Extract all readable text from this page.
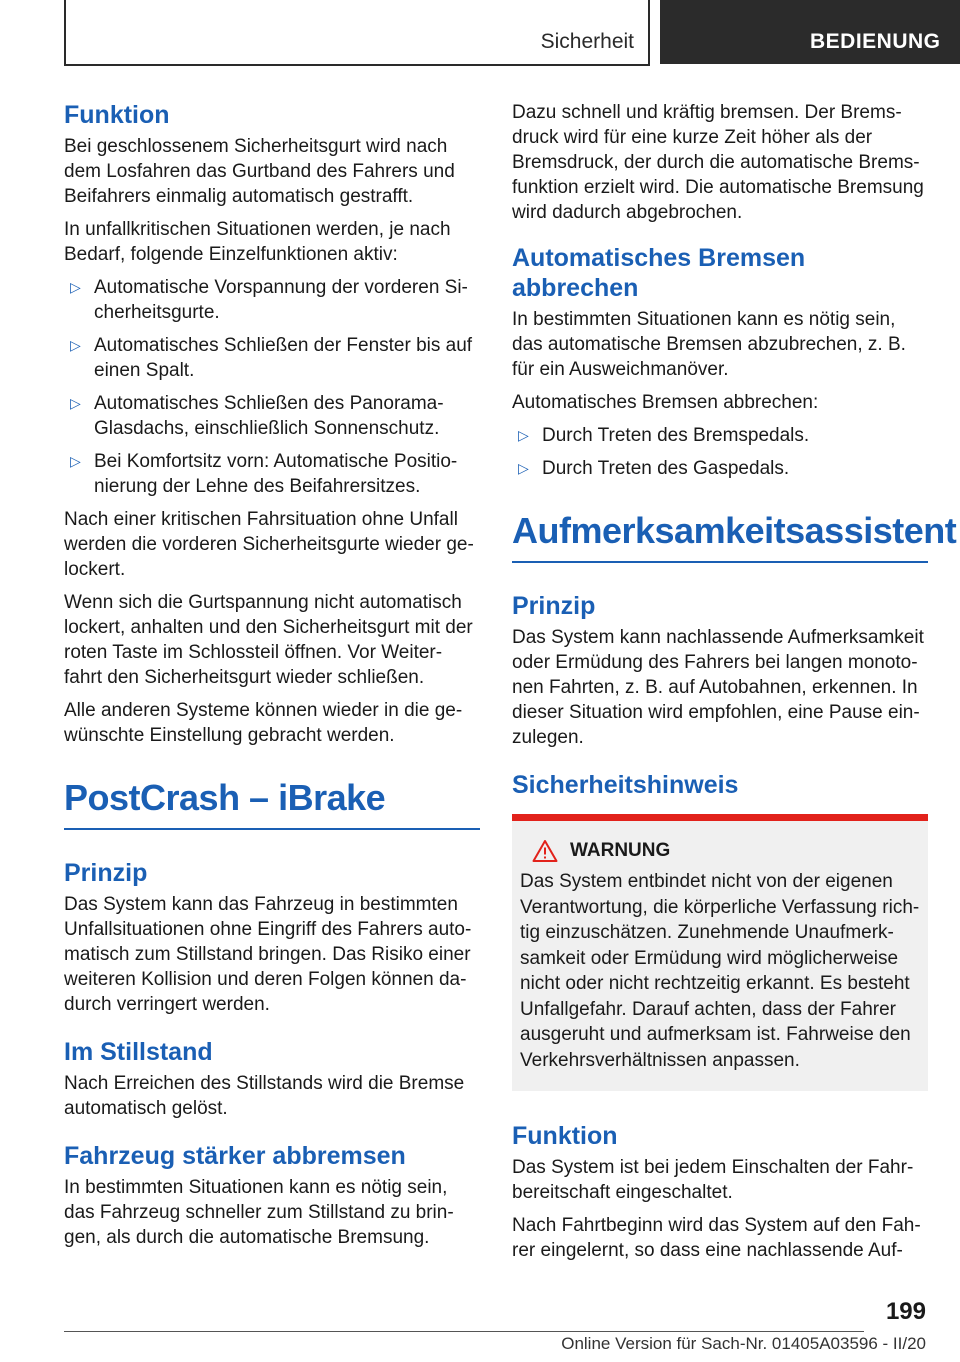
Sicherheit	BEDIENUNG
Funktion

Bei geschlossenem Sicherheitsgurt wird nach dem Losfahren das Gurtband des Fahrers und Beifahrers einmalig automatisch gestrafft.

In unfallkritischen Situationen werden, je nach Bedarf, folgende Einzelfunktionen aktiv:

▷ Automatische Vorspannung der vorderen Si-cherheitsgurte.
▷ Automatisches Schließen der Fenster bis auf einen Spalt.
▷ Automatisches Schließen des Panorama-Glasdachs, einschließlich Sonnenschutz.
▷ Bei Komfortsitz vorn: Automatische Positio-nierung der Lehne des Beifahrersitzes.

Nach einer kritischen Fahrsituation ohne Unfall werden die vorderen Sicherheitsgurte wieder ge-lockert.

Wenn sich die Gurtspannung nicht automatisch lockert, anhalten und den Sicherheitsgurt mit der roten Taste im Schlossteil öffnen. Vor Weiter-fahrt den Sicherheitsgurt wieder schließen.

Alle anderen Systeme können wieder in die ge-wünschte Einstellung gebracht werden.

PostCrash – iBrake
Prinzip

Das System kann das Fahrzeug in bestimmten Unfallsituationen ohne Eingriff des Fahrers auto-matisch zum Stillstand bringen. Das Risiko einer weiteren Kollision und deren Folgen können da-durch verringert werden.

Im Stillstand

Nach Erreichen des Stillstands wird die Bremse automatisch gelöst.

Fahrzeug stärker abbremsen

In bestimmten Situationen kann es nötig sein, das Fahrzeug schneller zum Stillstand zu brin-gen, als durch die automatische Bremsung.

Dazu schnell und kräftig bremsen. Der Brems-druck wird für eine kurze Zeit höher als der Bremsdruck, der durch die automatische Brems-funktion erzielt wird. Die automatische Bremsung wird dadurch abgebrochen.

Automatisches Bremsen abbrechen

In bestimmten Situationen kann es nötig sein, das automatische Bremsen abzubrechen, z. B. für ein Ausweichmanöver.

Automatisches Bremsen abbrechen:

▷ Durch Treten des Bremspedals.
▷ Durch Treten des Gaspedals.
Aufmerksamkeitsassistent
Prinzip

Das System kann nachlassende Aufmerksamkeit oder Ermüdung des Fahrers bei langen monoto-nen Fahrten, z. B. auf Autobahnen, erkennen. In dieser Situation wird empfohlen, eine Pause ein-zulegen.

Sicherheitshinweis
WARNUNG

Das System entbindet nicht von der eigenen Verantwortung, die körperliche Verfassung rich-tig einzuschätzen. Zunehmende Unaufmerk-samkeit oder Ermüdung wird möglicherweise nicht oder nicht rechtzeitig erkannt. Es besteht Unfallgefahr. Darauf achten, dass der Fahrer ausgeruht und aufmerksam ist. Fahrweise den Verkehrsverhältnissen anpassen.

Funktion

Das System ist bei jedem Einschalten der Fahr-bereitschaft eingeschaltet.

Nach Fahrtbeginn wird das System auf den Fah-rer eingelernt, so dass eine nachlassende Auf-

199
Online Version für Sach-Nr. 01405A03596 - II/20
